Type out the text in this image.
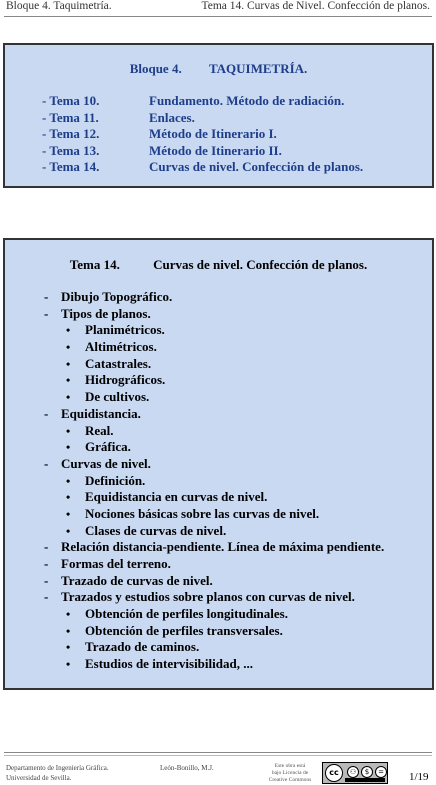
Bloque 4. Taquimetría.	Tema 14. Curvas de Nivel. Confección de planos.
Bloque 4. TAQUIMETRÍA.
- Tema 10.	Fundamento. Método de radiación.
- Tema 11.	Enlaces.
- Tema 12.	Método de Itinerario I.
- Tema 13.	Método de Itinerario II.
- Tema 14.	Curvas de nivel. Confección de planos.
Tema 14.	Curvas de nivel. Confección de planos.
- Dibujo Topográfico.
- Tipos de planos.
• Planimétricos.
• Altimétricos.
• Catastrales.
• Hidrográficos.
• De cultivos.
- Equidistancia.
• Real.
• Gráfica.
- Curvas de nivel.
• Definición.
• Equidistancia en curvas de nivel.
• Nociones básicas sobre las curvas de nivel.
• Clases de curvas de nivel.
- Relación distancia-pendiente. Línea de máxima pendiente.
- Formas del terreno.
- Trazado de curvas de nivel.
- Trazados y estudios sobre planos con curvas de nivel.
• Obtención de perfiles longitudinales.
• Obtención de perfiles transversales.
• Trazado de caminos.
• Estudios de intervisibilidad, ...
Departamento de Ingeniería Gráfica.
Universidad de Sevilla.
León-Bonillo, M.J.	Este obra está
bajo Licencia de
Creative Commons
cc	⚇	$	= 1/19
